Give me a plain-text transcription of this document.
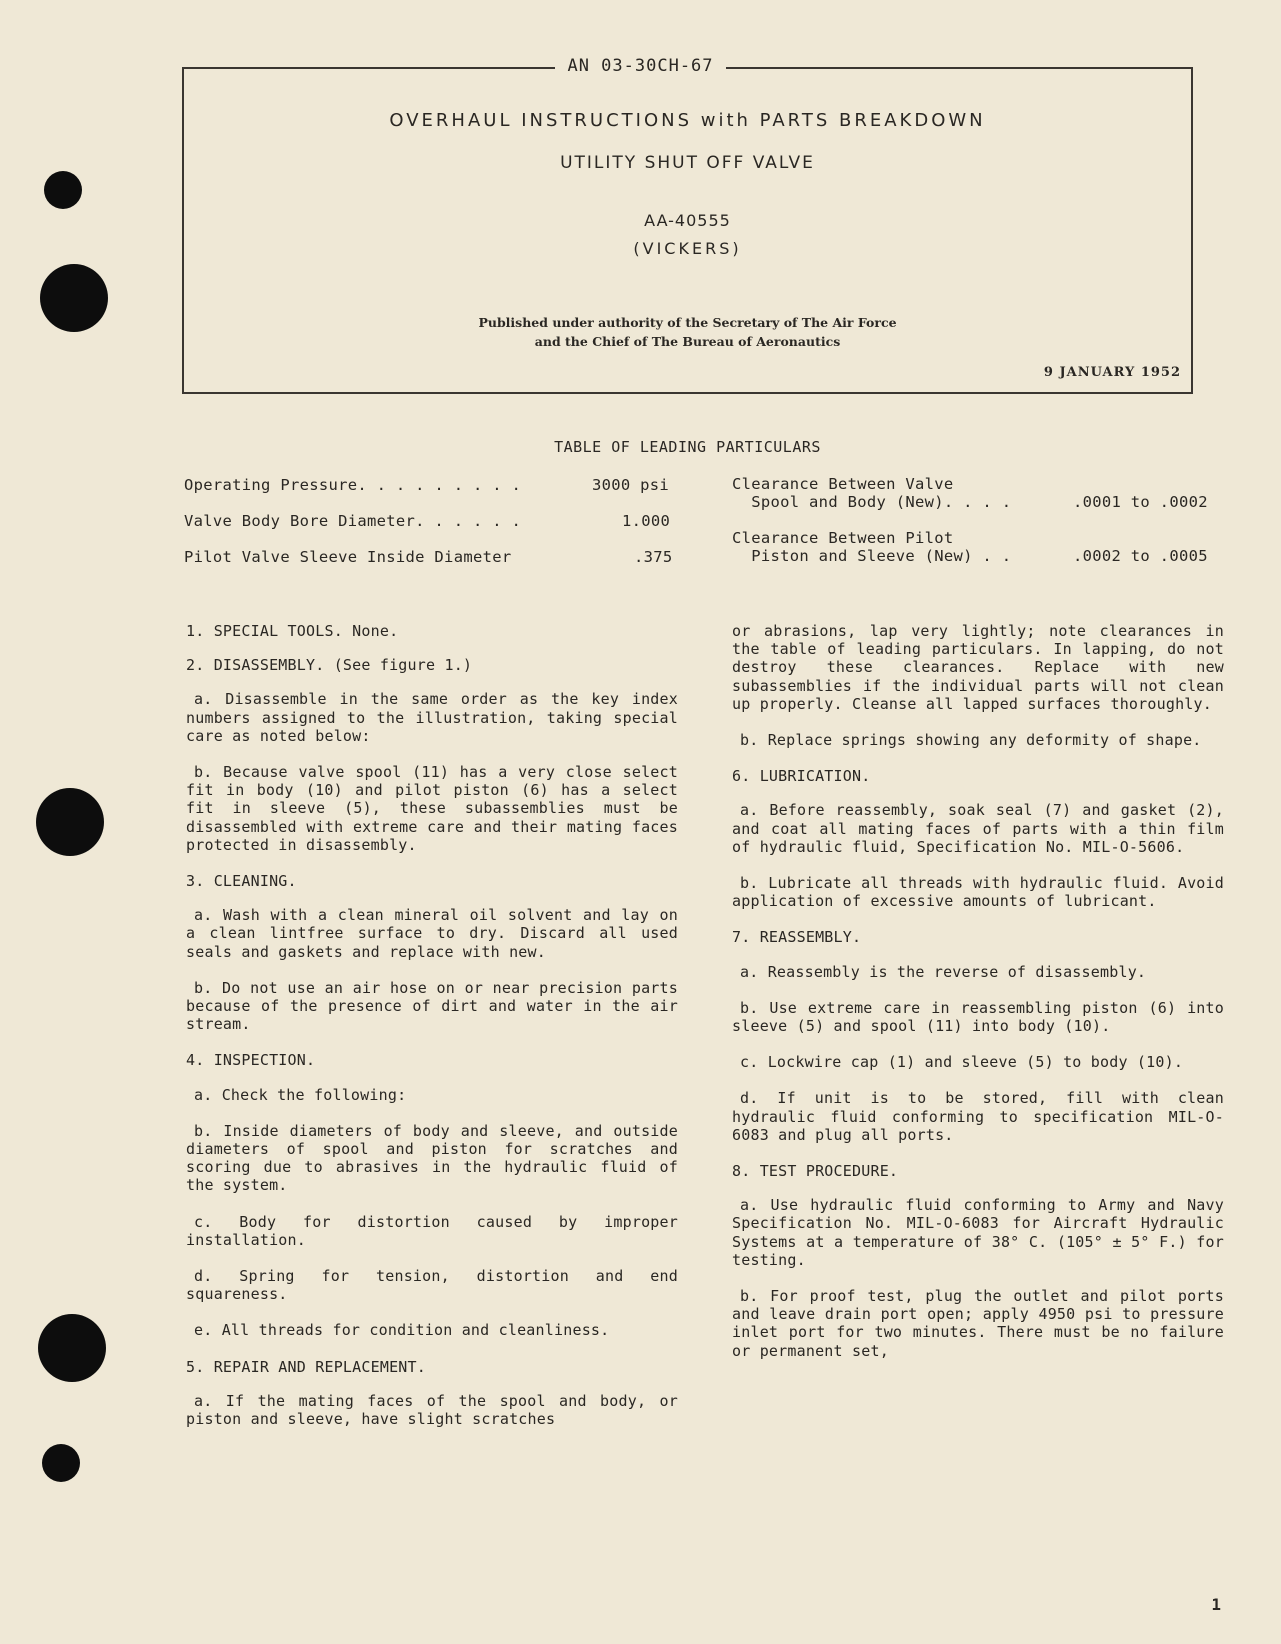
AN 03-30CH-67
OVERHAUL INSTRUCTIONS with PARTS BREAKDOWN
UTILITY SHUT OFF VALVE
AA-40555
(VICKERS)
Published under authority of the Secretary of The Air Force
and the Chief of The Bureau of Aeronautics
9 JANUARY 1952
TABLE OF LEADING PARTICULARS
Operating Pressure. . . . . . . . .	3000 psi
Valve Body Bore Diameter. . . . . .	1.000
Pilot Valve Sleeve Inside Diameter	.375
Clearance Between Valve
Spool and Body (New). . . .	.0001 to .0002
Clearance Between Pilot
Piston and Sleeve (New) . .	.0002 to .0005

1. SPECIAL TOOLS. None.

2. DISASSEMBLY. (See figure 1.)

a. Disassemble in the same order as the key index numbers assigned to the illustration, taking special care as noted below:

b. Because valve spool (11) has a very close select fit in body (10) and pilot piston (6) has a select fit in sleeve (5), these subassemblies must be disassembled with extreme care and their mating faces protected in disassembly.

3. CLEANING.

a. Wash with a clean mineral oil solvent and lay on a clean lintfree surface to dry. Discard all used seals and gaskets and replace with new.

b. Do not use an air hose on or near precision parts because of the presence of dirt and water in the air stream.

4. INSPECTION.

a. Check the following:

b. Inside diameters of body and sleeve, and outside diameters of spool and piston for scratches and scoring due to abrasives in the hydraulic fluid of the system.

c. Body for distortion caused by improper installation.

d. Spring for tension, distortion and end squareness.

e. All threads for condition and cleanliness.

5. REPAIR AND REPLACEMENT.

a. If the mating faces of the spool and body, or piston and sleeve, have slight scratches

or abrasions, lap very lightly; note clearances in the table of leading particulars. In lapping, do not destroy these clearances. Replace with new subassemblies if the individual parts will not clean up properly. Cleanse all lapped surfaces thoroughly.

b. Replace springs showing any deformity of shape.

6. LUBRICATION.

a. Before reassembly, soak seal (7) and gasket (2), and coat all mating faces of parts with a thin film of hydraulic fluid, Specification No. MIL-O-5606.

b. Lubricate all threads with hydraulic fluid. Avoid application of excessive amounts of lubricant.

7. REASSEMBLY.

a. Reassembly is the reverse of disassembly.

b. Use extreme care in reassembling piston (6) into sleeve (5) and spool (11) into body (10).

c. Lockwire cap (1) and sleeve (5) to body (10).

d. If unit is to be stored, fill with clean hydraulic fluid conforming to specification MIL-O-6083 and plug all ports.

8. TEST PROCEDURE.

a. Use hydraulic fluid conforming to Army and Navy Specification No. MIL-O-6083 for Aircraft Hydraulic Systems at a temperature of 38° C. (105° ± 5° F.) for testing.

b. For proof test, plug the outlet and pilot ports and leave drain port open; apply 4950 psi to pressure inlet port for two minutes. There must be no failure or permanent set,

1
